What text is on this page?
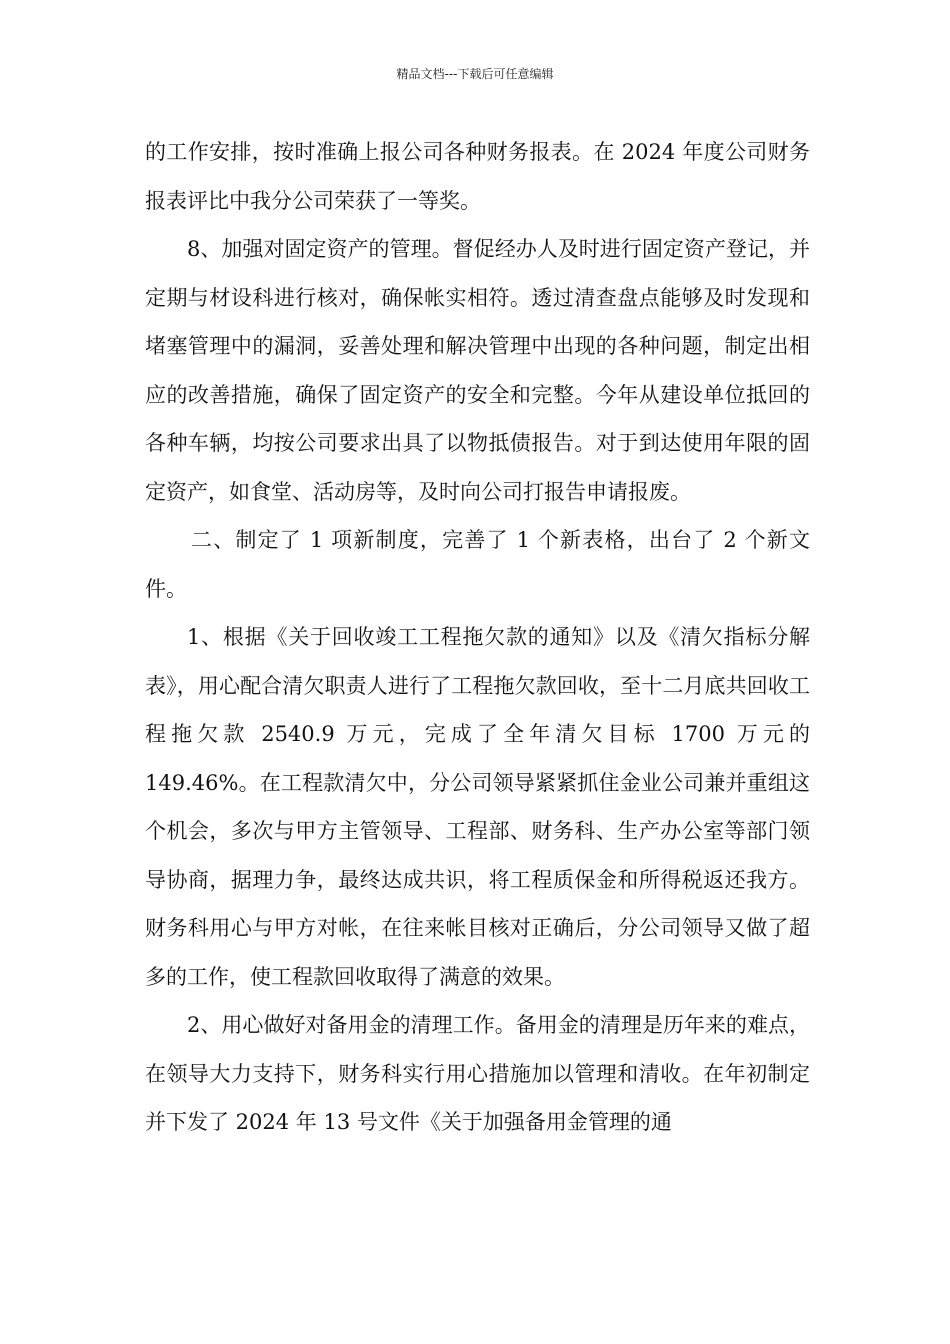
精品文档---下载后可任意编辑

的工作安排，按时准确上报公司各种财务报表。在 2024 年度公司财务报表评比中我分公司荣获了一等奖。

8、加强对固定资产的管理。督促经办人及时进行固定资产登记，并定期与材设科进行核对，确保帐实相符。透过清查盘点能够及时发现和堵塞管理中的漏洞，妥善处理和解决管理中出现的各种问题，制定出相应的改善措施，确保了固定资产的安全和完整。今年从建设单位抵回的各种车辆，均按公司要求出具了以物抵债报告。对于到达使用年限的固定资产，如食堂、活动房等，及时向公司打报告申请报废。

二、制定了 1 项新制度，完善了 1 个新表格，出台了 2 个新文件。

1、根据《关于回收竣工工程拖欠款的通知》以及《清欠指标分解表》，用心配合清欠职责人进行了工程拖欠款回收，至十二月底共回收工程拖欠款 2540.9 万元，完成了全年清欠目标 1700 万元的 149.46%。在工程款清欠中，分公司领导紧紧抓住金业公司兼并重组这个机会，多次与甲方主管领导、工程部、财务科、生产办公室等部门领导协商，据理力争，最终达成共识，将工程质保金和所得税返还我方。财务科用心与甲方对帐，在往来帐目核对正确后，分公司领导又做了超多的工作，使工程款回收取得了满意的效果。

2、用心做好对备用金的清理工作。备用金的清理是历年来的难点，在领导大力支持下，财务科实行用心措施加以管理和清收。在年初制定并下发了 2024 年 13 号文件《关于加强备用金管理的通
